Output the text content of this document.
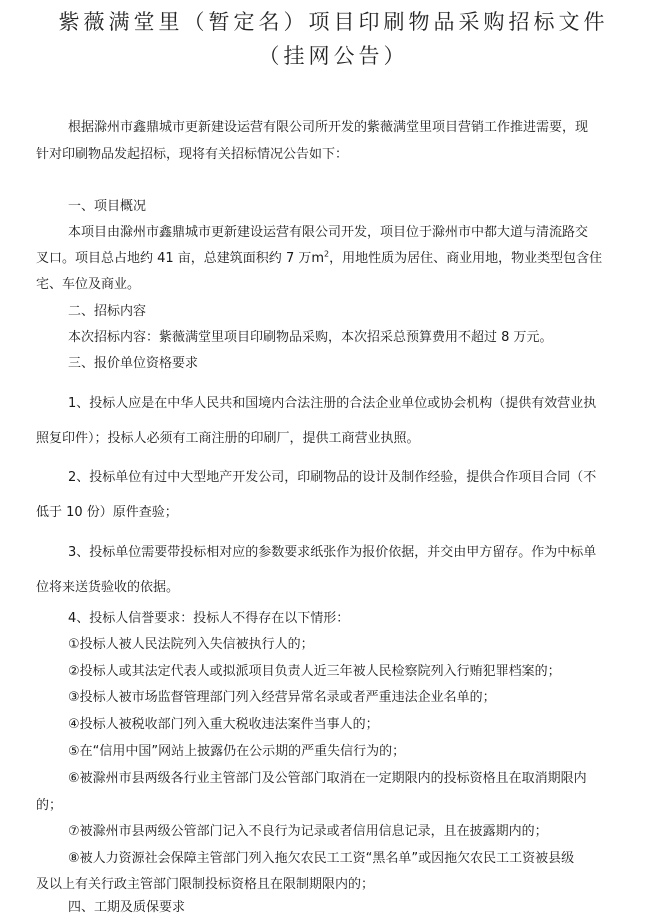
紫薇满堂里（暂定名）项目印刷物品采购招标文件
（挂网公告）
根据滁州市鑫鼎城市更新建设运营有限公司所开发的紫薇满堂里项目营销工作推进需要，现
针对印刷物品发起招标，现将有关招标情况公告如下：
一、项目概况
本项目由滁州市鑫鼎城市更新建设运营有限公司开发，项目位于滁州市中都大道与清流路交
叉口。项目总占地约 41 亩，总建筑面积约 7 万$m^2$，用地性质为居住、商业用地，物业类型包含住
宅、车位及商业。
二、招标内容
本次招标内容：紫薇满堂里项目印刷物品采购，本次招采总预算费用不超过 8 万元。
三、报价单位资格要求
1、投标人应是在中华人民共和国境内合法注册的合法企业单位或协会机构（提供有效营业执
照复印件）；投标人必须有工商注册的印刷厂，提供工商营业执照。
2、投标单位有过中大型地产开发公司，印刷物品的设计及制作经验，提供合作项目合同（不
低于 10 份）原件查验；
3、投标单位需要带投标相对应的参数要求纸张作为报价依据，并交由甲方留存。作为中标单
位将来送货验收的依据。
4、投标人信誉要求：投标人不得存在以下情形：
①投标人被人民法院列入失信被执行人的；
②投标人或其法定代表人或拟派项目负责人近三年被人民检察院列入行贿犯罪档案的；
③投标人被市场监督管理部门列入经营异常名录或者严重违法企业名单的；
④投标人被税收部门列入重大税收违法案件当事人的；
⑤在“信用中国”网站上披露仍在公示期的严重失信行为的；
⑥被滁州市县两级各行业主管部门及公管部门取消在一定期限内的投标资格且在取消期限内
的；
⑦被滁州市县两级公管部门记入不良行为记录或者信用信息记录，且在披露期内的；
⑧被人力资源社会保障主管部门列入拖欠农民工工资“黑名单”或因拖欠农民工工资被县级
及以上有关行政主管部门限制投标资格且在限制期限内的；
四、工期及质保要求
